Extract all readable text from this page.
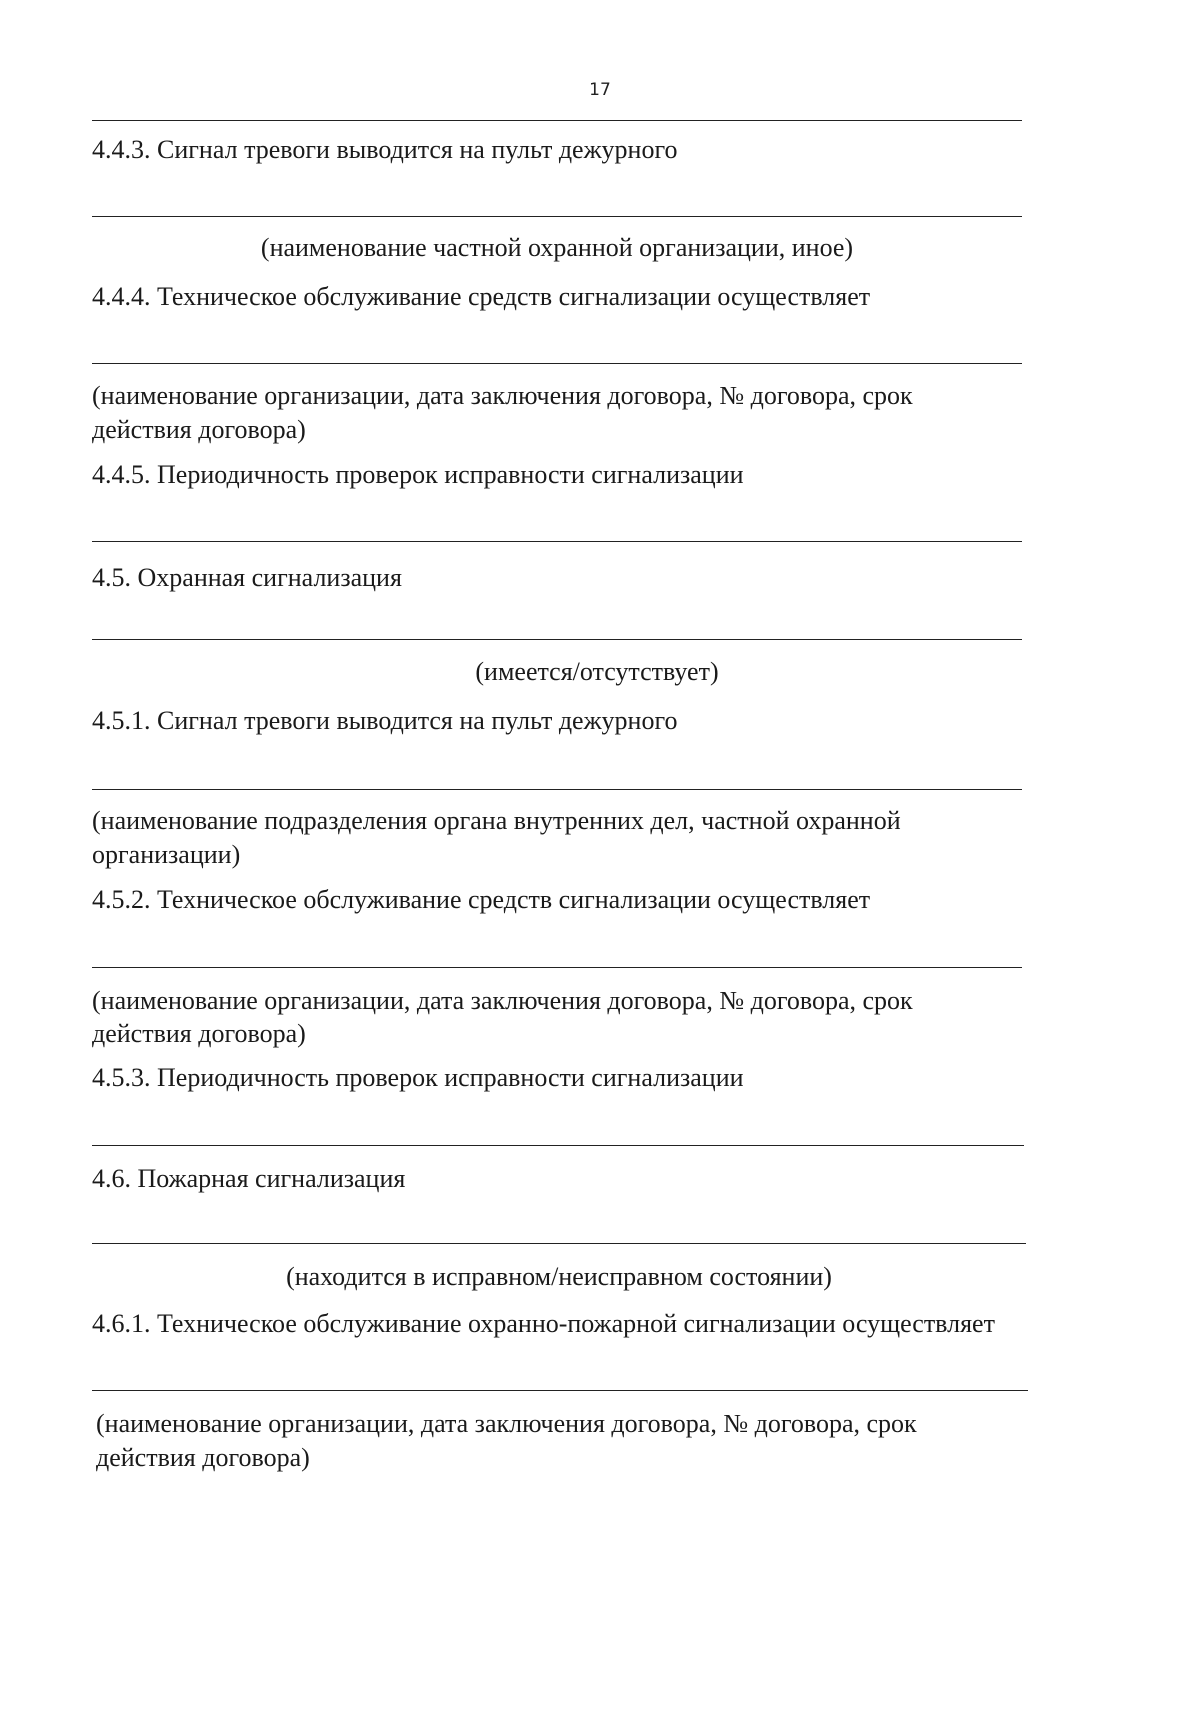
17
4.4.3. Сигнал тревоги выводится на пульт дежурного
(наименование частной охранной организации, иное)
4.4.4. Техническое обслуживание средств сигнализации осуществляет
(наименование организации, дата заключения договора, № договора, срок
действия договора)
4.4.5. Периодичность проверок исправности сигнализации
4.5. Охранная сигнализация
(имеется/отсутствует)
4.5.1. Сигнал тревоги выводится на пульт дежурного
(наименование подразделения органа внутренних дел, частной охранной
организации)
4.5.2. Техническое обслуживание средств сигнализации осуществляет
(наименование организации, дата заключения договора, № договора, срок
действия договора)
4.5.3. Периодичность проверок исправности сигнализации
4.6. Пожарная сигнализация
(находится в исправном/неисправном состоянии)
4.6.1. Техническое обслуживание охранно-пожарной сигнализации осуществляет
(наименование организации, дата заключения договора, № договора, срок
действия договора)
